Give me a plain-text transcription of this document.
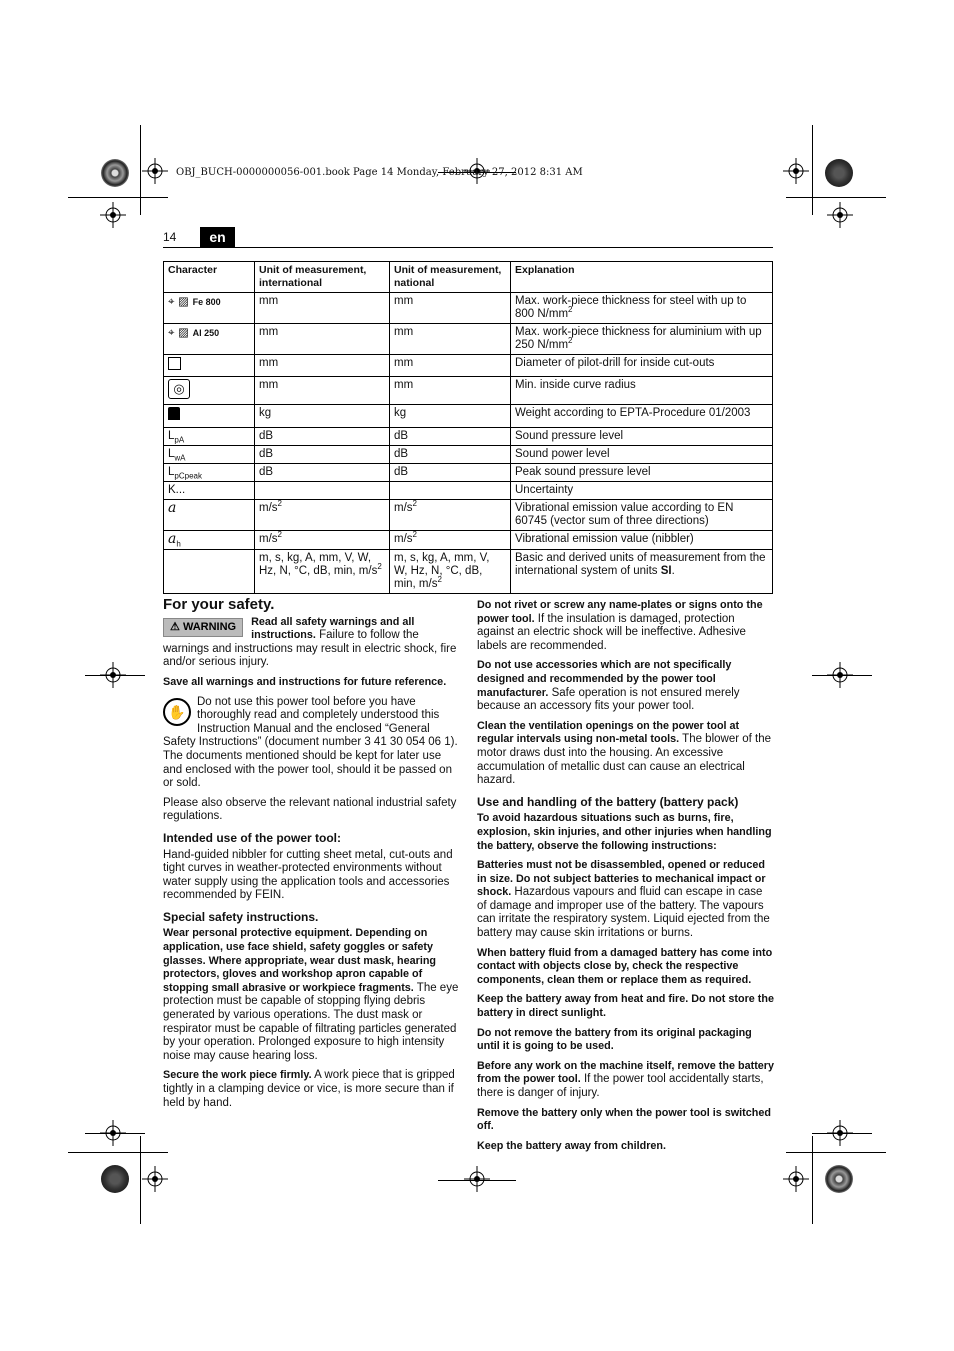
OBJ_BUCH-0000000056-001.book Page 14 Monday, February 27, 2012 8:31 AM
14	en
Character	Unit of measurement, international	Unit of measurement, national	Explanation
⌖ ▨ Fe 800	mm	mm	Max. work-piece thickness for steel with up to 800 $N/mm^2$
⌖ ▨ Al 250	mm	mm	Max. work-piece thickness for aluminium with up 250 $N/mm^2$
	mm	mm	Diameter of pilot-drill for inside cut-outs
◎	mm	mm	Min. inside curve radius
	kg	kg	Weight according to EPTA-Procedure 01/2003
$L_{pA}$	dB	dB	Sound pressure level
$L_{wA}$	dB	dB	Sound power level
$L_{pCpeak}$	dB	dB	Peak sound pressure level
K...			Uncertainty
a	$m/s^2$	$m/s^2$	Vibrational emission value according to EN 60745 (vector sum of three directions)
$a_h$	$m/s^2$	$m/s^2$	Vibrational emission value (nibbler)
	m, s, kg, A, mm, V, W, Hz, N, °C, dB, min, $m/s^2$	m, s, kg, A, mm, V, W, Hz, N, °C, dB, min, $m/s^2$	Basic and derived units of measurement from the international system of units SI.
For your safety.

⚠ WARNING	Read all safety warnings and all instructions. Failure to follow the warnings and instructions may result in electric shock, fire and/or serious injury.

Save all warnings and instructions for future reference.

✋
Do not use this power tool before you have thoroughly read and completely understood this Instruction Manual and the enclosed “General Safety Instructions” (document number 3 41 30 054 06 1). The documents mentioned should be kept for later use and enclosed with the power tool, should it be passed on or sold.

Please also observe the relevant national industrial safety regulations.

Intended use of the power tool:

Hand-guided nibbler for cutting sheet metal, cut-outs and tight curves in weather-protected environments without water supply using the application tools and accessories recommended by FEIN.

Special safety instructions.

Wear personal protective equipment. Depending on application, use face shield, safety goggles or safety glasses. Where appropriate, wear dust mask, hearing protectors, gloves and workshop apron capable of stopping small abrasive or workpiece fragments. The eye protection must be capable of stopping flying debris generated by various operations. The dust mask or respirator must be capable of filtrating particles generated by your operation. Prolonged exposure to high intensity noise may cause hearing loss.

Secure the work piece firmly. A work piece that is gripped tightly in a clamping device or vice, is more secure than if held by hand.

Do not rivet or screw any name-plates or signs onto the power tool. If the insulation is damaged, protection against an electric shock will be ineffective. Adhesive labels are recommended.

Do not use accessories which are not specifically designed and recommended by the power tool manufacturer. Safe operation is not ensured merely because an accessory fits your power tool.

Clean the ventilation openings on the power tool at regular intervals using non-metal tools. The blower of the motor draws dust into the housing. An excessive accumulation of metallic dust can cause an electrical hazard.

Use and handling of the battery (battery pack)

To avoid hazardous situations such as burns, fire, explosion, skin injuries, and other injuries when handling the battery, observe the following instructions:

Batteries must not be disassembled, opened or reduced in size. Do not subject batteries to mechanical impact or shock. Hazardous vapours and fluid can escape in case of damage and improper use of the battery. The vapours can irritate the respiratory system. Liquid ejected from the battery may cause skin irritations or burns.

When battery fluid from a damaged battery has come into contact with objects close by, check the respective components, clean them or replace them as required.

Keep the battery away from heat and fire. Do not store the battery in direct sunlight.

Do not remove the battery from its original packaging until it is going to be used.

Before any work on the machine itself, remove the battery from the power tool. If the power tool accidentally starts, there is danger of injury.

Remove the battery only when the power tool is switched off.

Keep the battery away from children.
